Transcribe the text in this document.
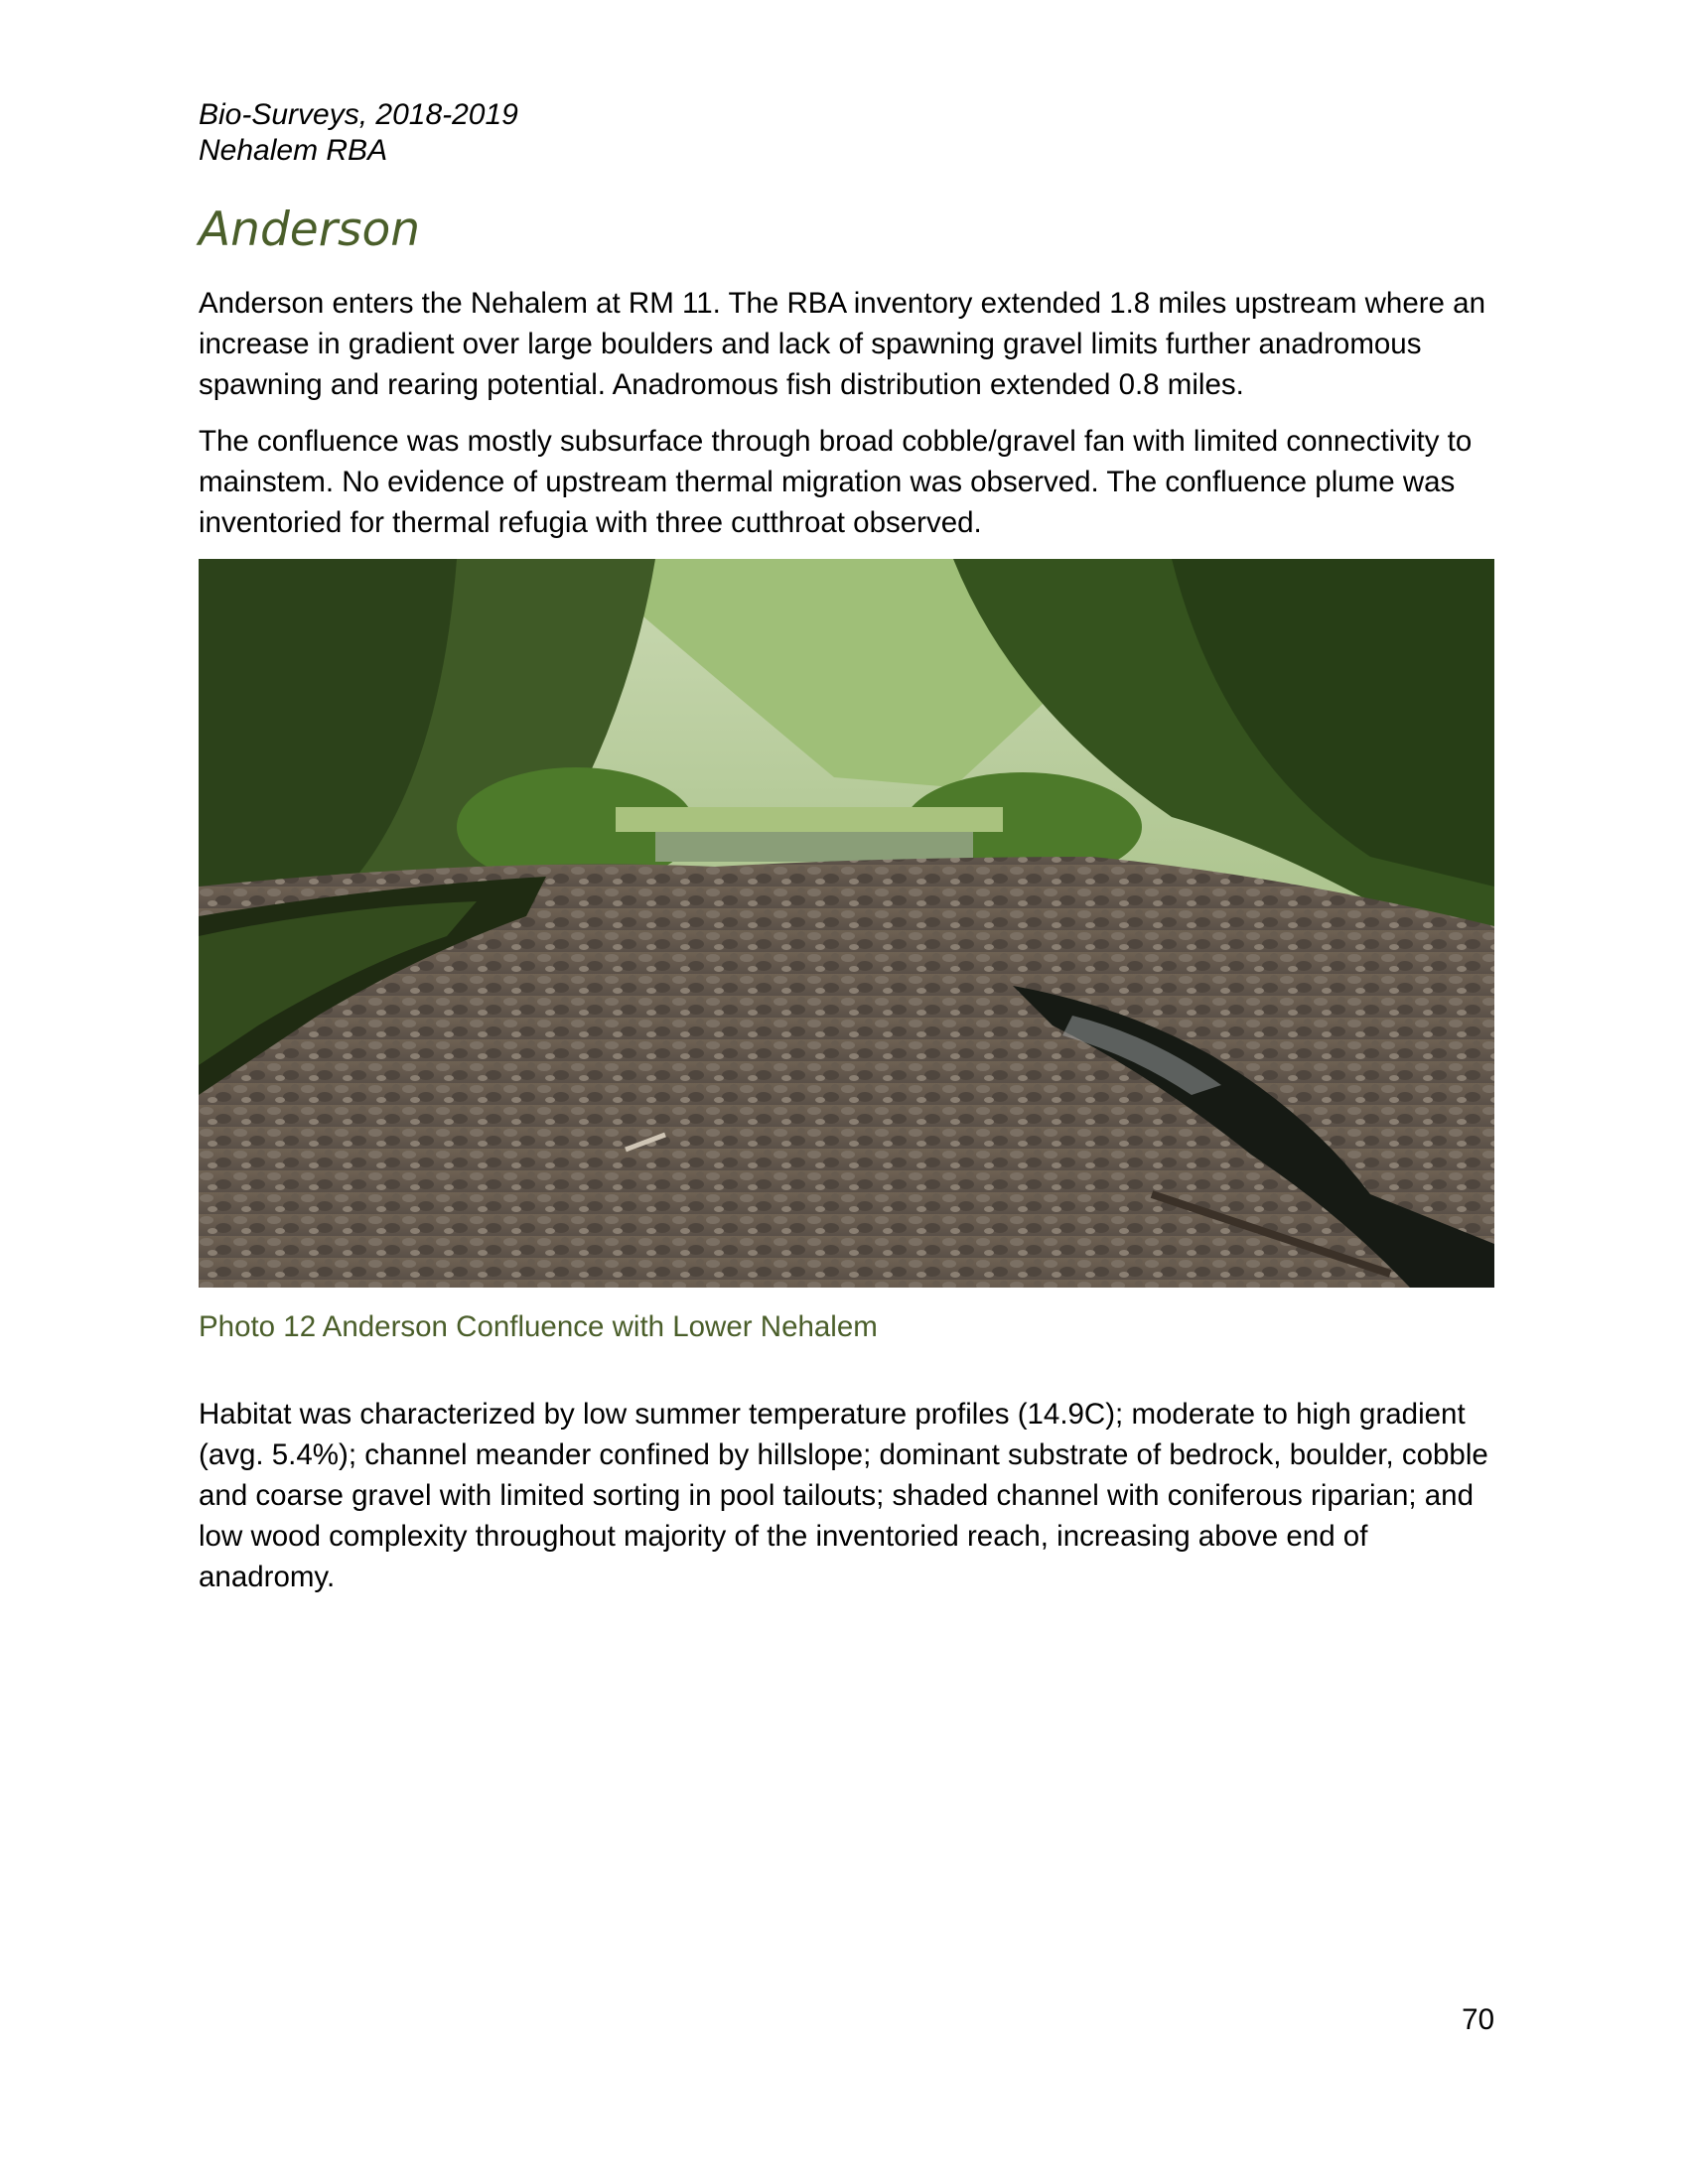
Bio-Surveys, 2018-2019
Nehalem RBA
Anderson

Anderson enters the Nehalem at RM 11. The RBA inventory extended 1.8 miles upstream where an increase in gradient over large boulders and lack of spawning gravel limits further anadromous spawning and rearing potential. Anadromous fish distribution extended 0.8 miles.

The confluence was mostly subsurface through broad cobble/gravel fan with limited connectivity to mainstem. No evidence of upstream thermal migration was observed. The confluence plume was inventoried for thermal refugia with three cutthroat observed.

Photo 12 Anderson Confluence with Lower Nehalem

Habitat was characterized by low summer temperature profiles (14.9C); moderate to high gradient (avg. 5.4%); channel meander confined by hillslope; dominant substrate of bedrock, boulder, cobble and coarse gravel with limited sorting in pool tailouts; shaded channel with coniferous riparian; and low wood complexity throughout majority of the inventoried reach, increasing above end of anadromy.

70
